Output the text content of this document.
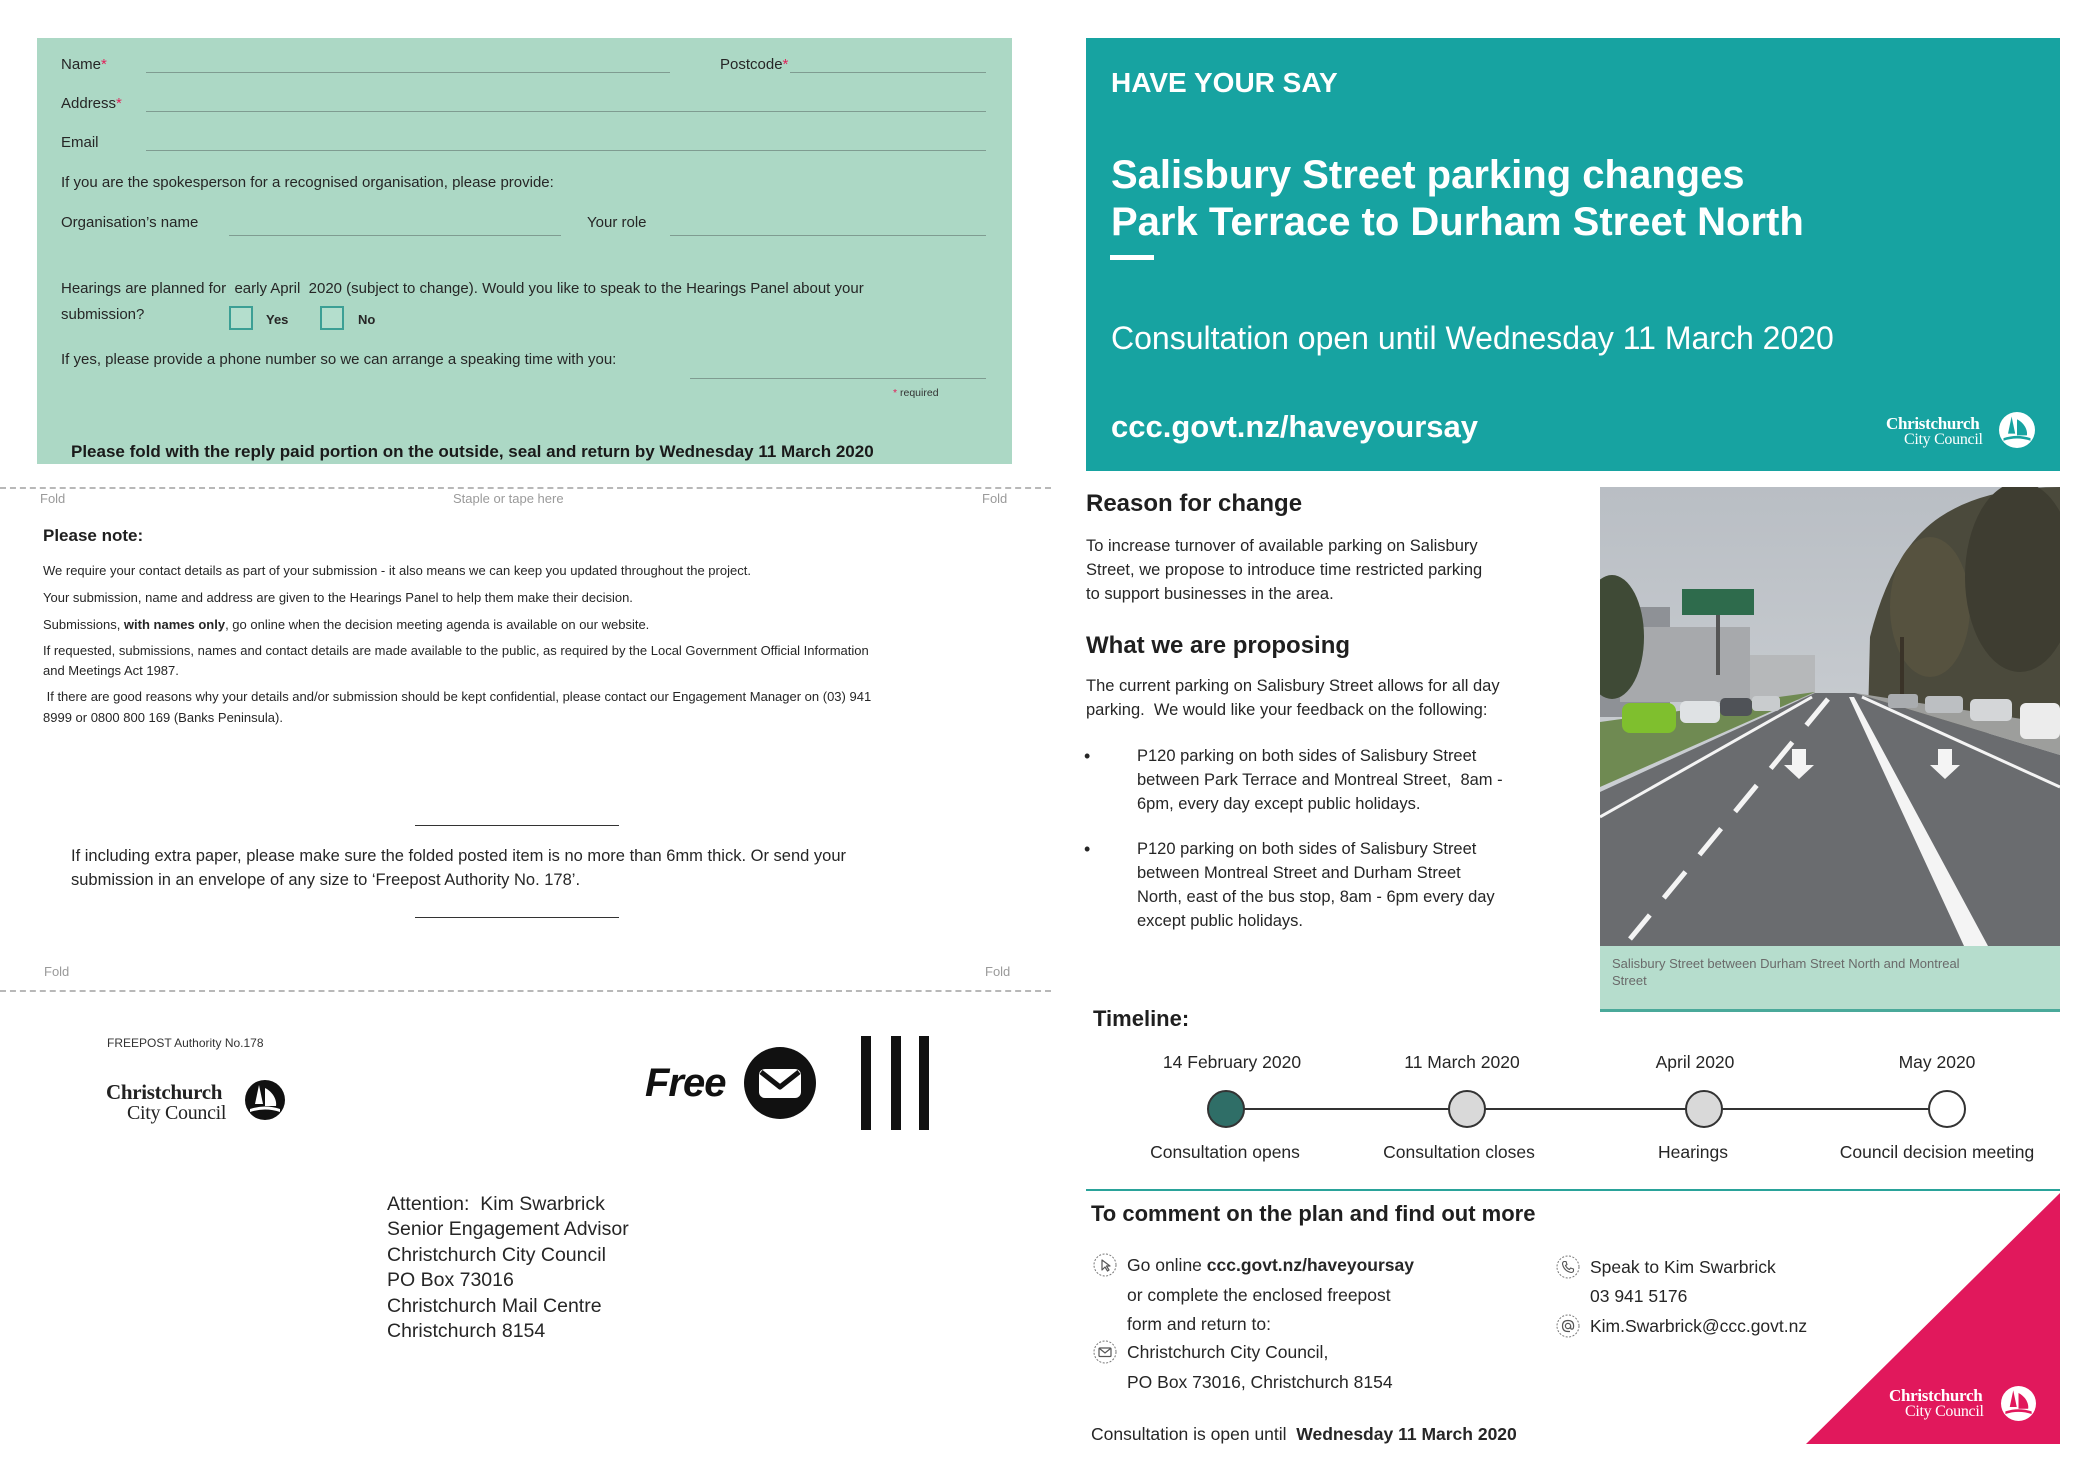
Name*	Postcode*
Address*
Email
If you are the spokesperson for a recognised organisation, please provide:
Organisation’s name	Your role
Hearings are planned for  early April  2020 (subject to change). Would you like to speak to the Hearings Panel about your
submission?	Yes	No
If yes, please provide a phone number so we can arrange a speaking time with you:
* required
Please fold with the reply paid portion on the outside, seal and return by Wednesday 11 March 2020
Fold	Staple or tape here	Fold
Please note:
We require your contact details as part of your submission - it also means we can keep you updated throughout the project.
Your submission, name and address are given to the Hearings Panel to help them make their decision.
Submissions, with names only, go online when the decision meeting agenda is available on our website.
If requested, submissions, names and contact details are made available to the public, as required by the Local Government Official Information
and Meetings Act 1987.
If there are good reasons why your details and/or submission should be kept confidential, please contact our Engagement Manager on (03) 941
8999 or 0800 800 169 (Banks Peninsula).
If including extra paper, please make sure the folded posted item is no more than 6mm thick. Or send your
submission in an envelope of any size to ‘Freepost Authority No. 178’.
Fold	Fold
FREEPOST Authority No.178
Christchurch
City Council
Free
Attention:  Kim Swarbrick
Senior Engagement Advisor
Christchurch City Council
PO Box 73016
Christchurch Mail Centre
Christchurch 8154
HAVE YOUR SAY
Salisbury Street parking changes
Park Terrace to Durham Street North
Consultation open until Wednesday 11 March 2020
ccc.govt.nz/haveyoursay	Christchurch
City Council
Reason for change
To increase turnover of available parking on Salisbury
Street, we propose to introduce time restricted parking
to support businesses in the area.
What we are proposing
The current parking on Salisbury Street allows for all day
parking.  We would like your feedback on the following:
•	P120 parking on both sides of Salisbury Street
between Park Terrace and Montreal Street,  8am -
6pm, every day except public holidays.
•	P120 parking on both sides of Salisbury Street
between Montreal Street and Durham Street
North, east of the bus stop, 8am - 6pm every day
except public holidays.
Salisbury Street between Durham Street North and Montreal
Street
Timeline:
14 February 2020	11 March 2020	April 2020	May 2020
Consultation opens	Consultation closes	Hearings	Council decision meeting
Christchurch
City Council
To comment on the plan and find out more
Go online ccc.govt.nz/haveyoursay
or complete the enclosed freepost
form and return to:
Christchurch City Council,
PO Box 73016, Christchurch 8154
Speak to Kim Swarbrick
03 941 5176
Kim.Swarbrick@ccc.govt.nz
Consultation is open until  Wednesday 11 March 2020
